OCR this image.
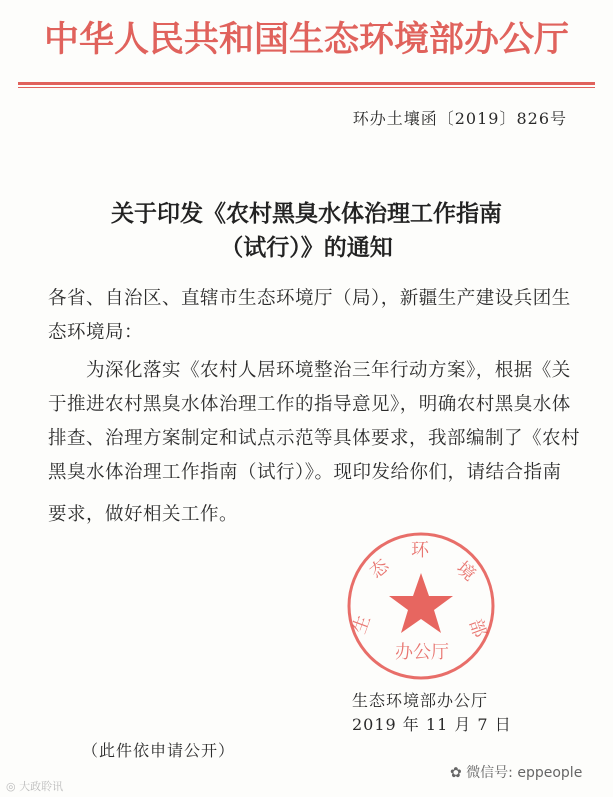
中华人民共和国生态环境部办公厅
环办土壤函〔2019〕826号
关于印发《农村黑臭水体治理工作指南
（试行）》的通知
各省、自治区、直辖市生态环境厅（局），新疆生产建设兵团生
态环境局：
为深化落实《农村人居环境整治三年行动方案》，根据《关
于推进农村黑臭水体治理工作的指导意见》，明确农村黑臭水体
排查、治理方案制定和试点示范等具体要求，我部编制了《农村
黑臭水体治理工作指南（试行）》。现印发给你们，请结合指南
要求，做好相关工作。
生
态
环
境
部
办公厅
生态环境部办公厅
2019 年 11 月 7 日
（此件依申请公开）
✿ 微信号: eppeople
◎ 大政聆讯
